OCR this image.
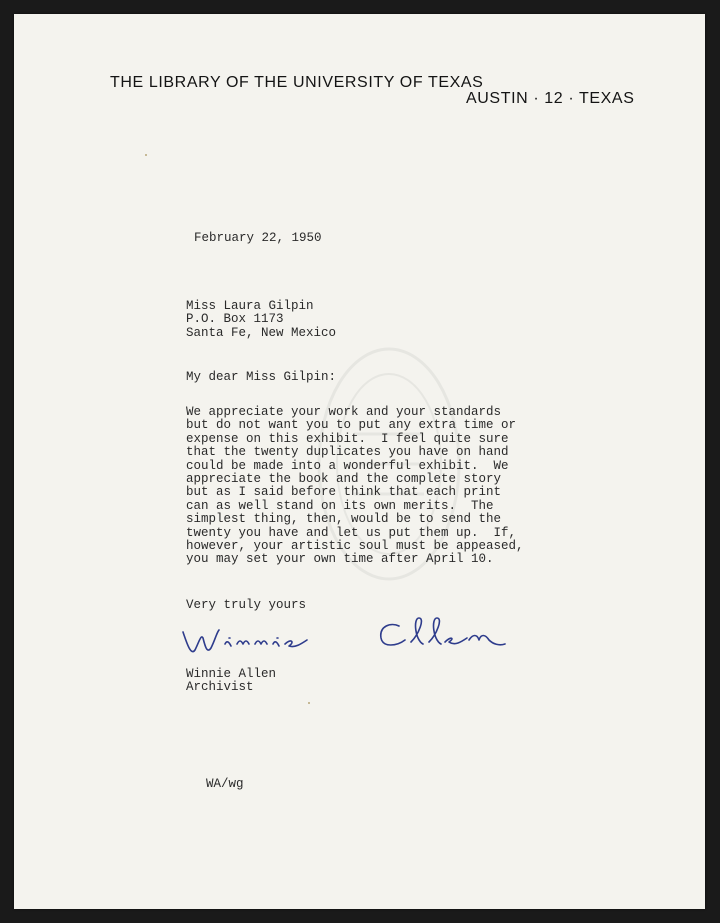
THE LIBRARY OF THE UNIVERSITY OF TEXAS
AUSTIN · 12 · TEXAS
February 22, 1950
Miss Laura Gilpin
P.O. Box 1173
Santa Fe, New Mexico
My dear Miss Gilpin:
We appreciate your work and your standards
but do not want you to put any extra time or
expense on this exhibit.  I feel quite sure
that the twenty duplicates you have on hand
could be made into a wonderful exhibit.  We
appreciate the book and the complete story
but as I said before think that each print
can as well stand on its own merits.  The
simplest thing, then, would be to send the
twenty you have and let us put them up.  If,
however, your artistic soul must be appeased,
you may set your own time after April 10.
Very truly yours
Winnie Allen
Archivist
WA/wg
